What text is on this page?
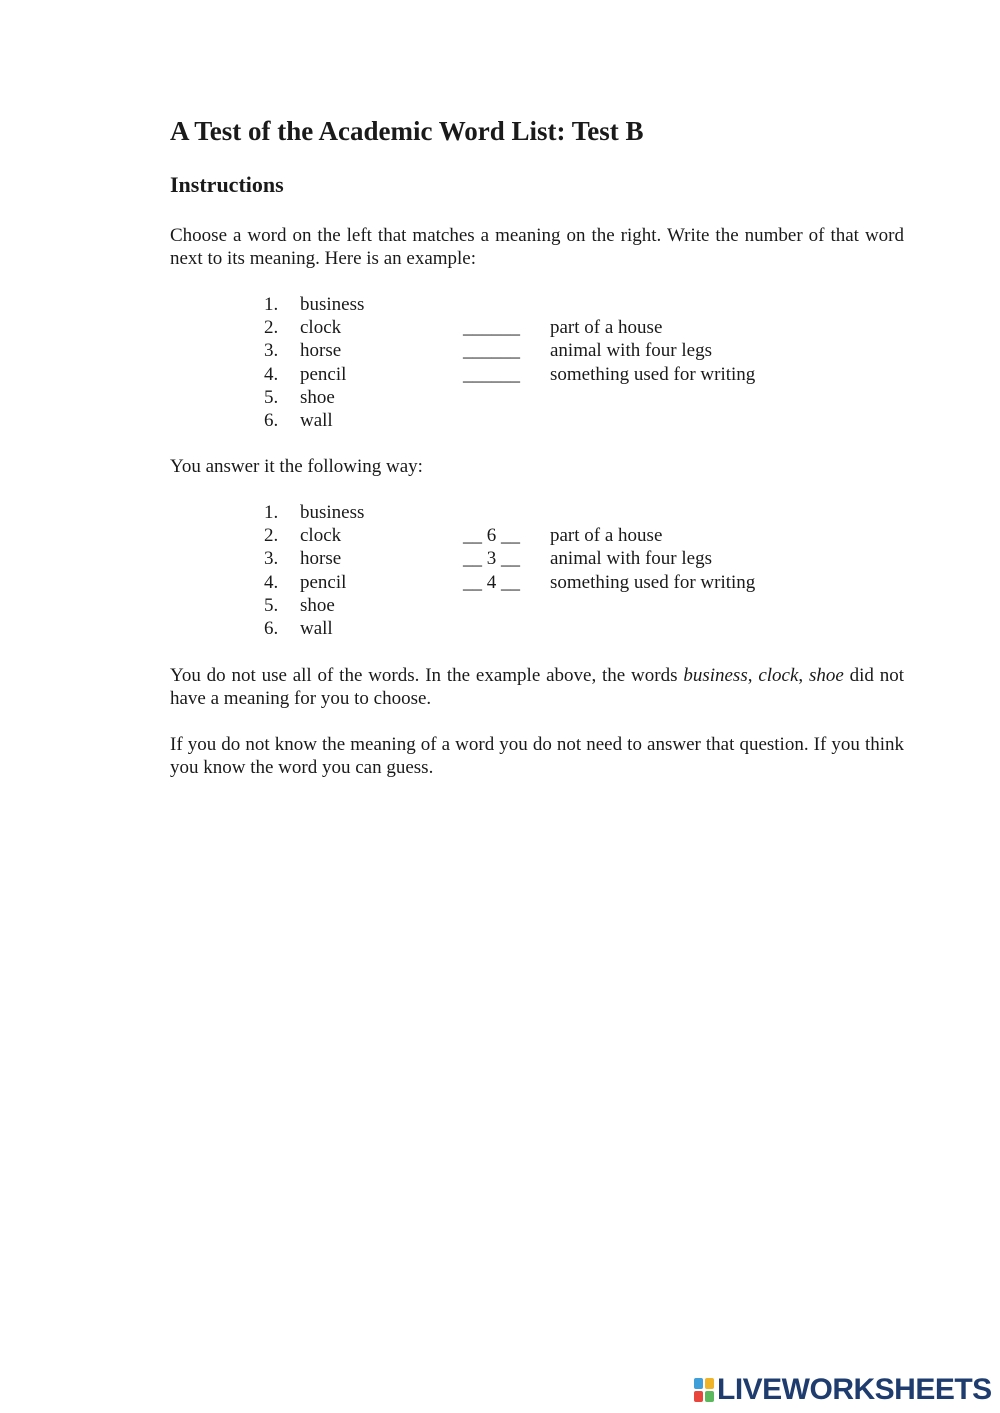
A Test of the Academic Word List: Test B
Instructions

Choose a word on the left that matches a meaning on the right. Write the number of that word next to its meaning. Here is an example:

1. business
2. clock	______ part of a house
3. horse	______ animal with four legs
4. pencil	______ something used for writing
5. shoe
6. wall

You answer it the following way:

1. business
2. clock	__ 6 __ part of a house
3. horse	__ 3 __ animal with four legs
4. pencil	__ 4 __ something used for writing
5. shoe
6. wall

You do not use all of the words. In the example above, the words business, clock, shoe did not have a meaning for you to choose.

If you do not know the meaning of a word you do not need to answer that question. If you think you know the word you can guess.

LIVEWORKSHEETS
